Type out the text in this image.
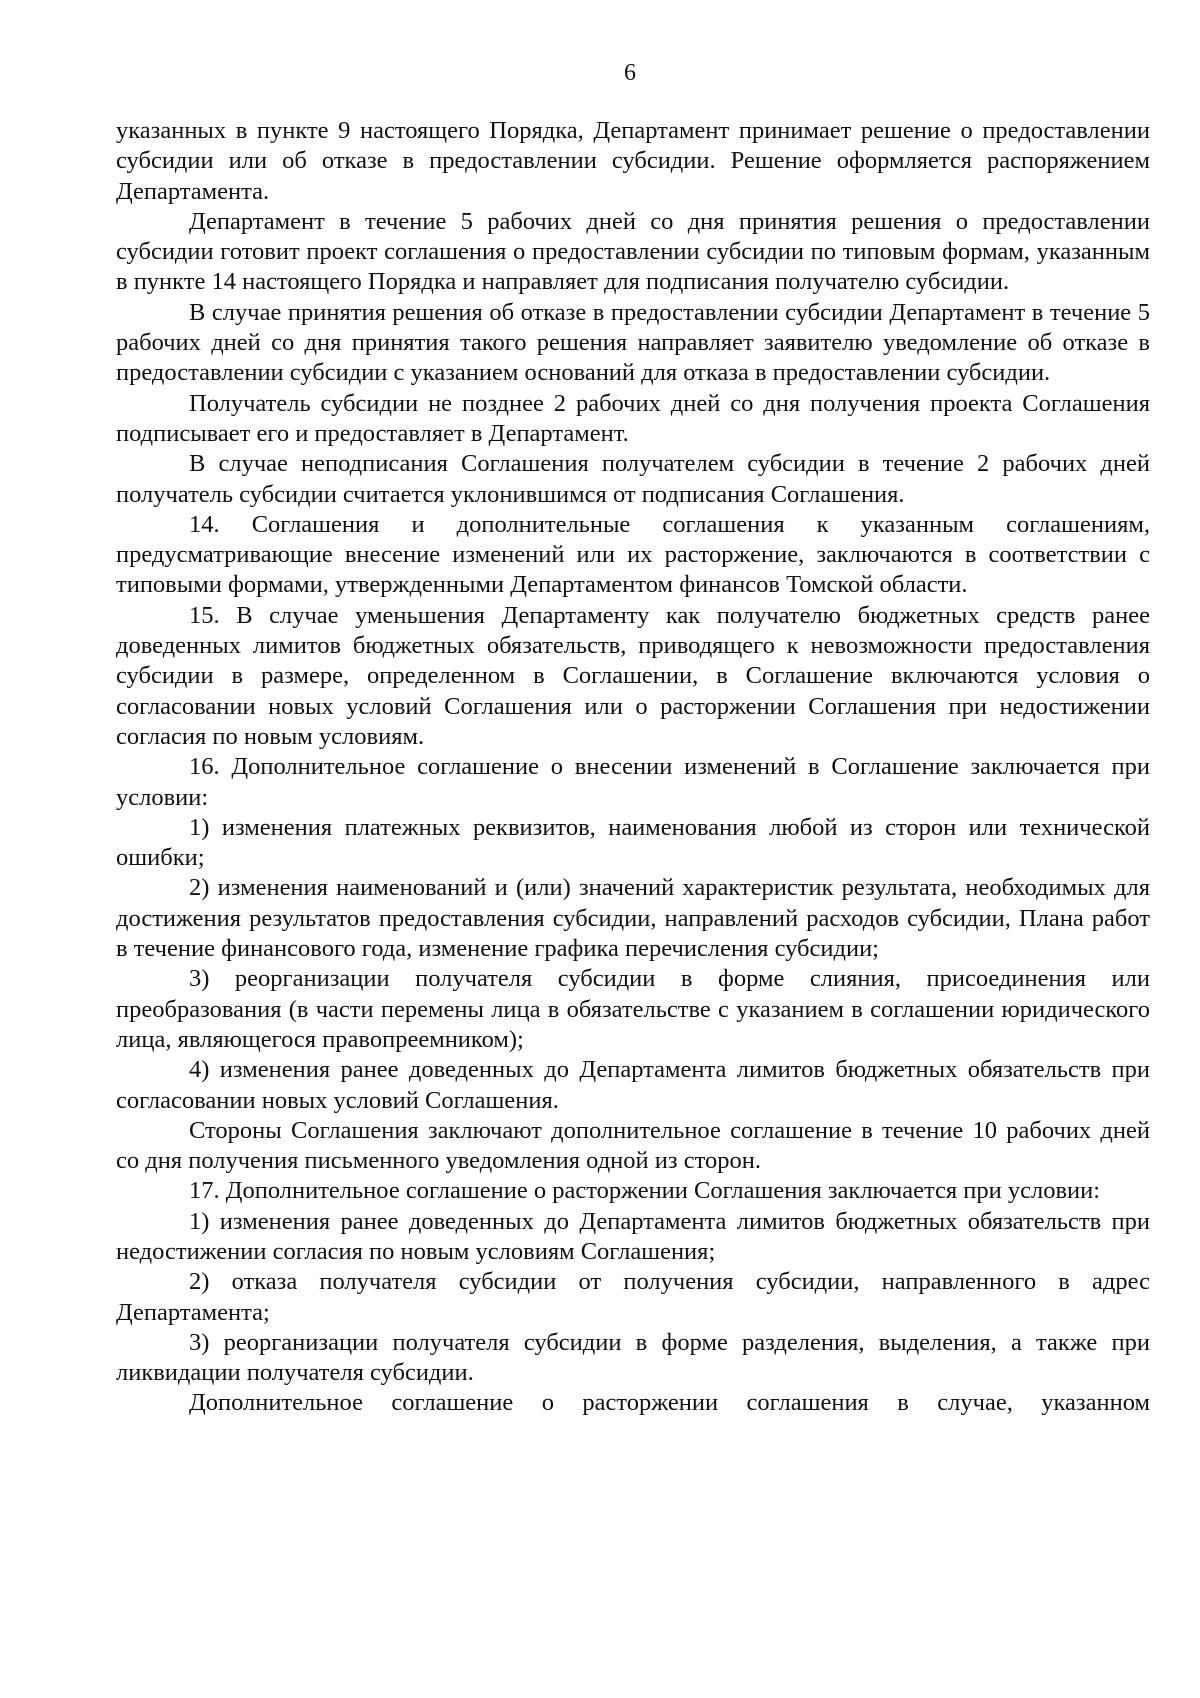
6

указанных в пункте 9 настоящего Порядка, Департамент принимает решение о предоставлении субсидии или об отказе в предоставлении субсидии. Решение оформляется распоряжением Департамента.

Департамент в течение 5 рабочих дней со дня принятия решения о предоставлении субсидии готовит проект соглашения о предоставлении субсидии по типовым формам, указанным в пункте 14 настоящего Порядка и направляет для подписания получателю субсидии.

В случае принятия решения об отказе в предоставлении субсидии Департамент в течение 5 рабочих дней со дня принятия такого решения направляет заявителю уведомление об отказе в предоставлении субсидии с указанием оснований для отказа в предоставлении субсидии.

Получатель субсидии не позднее 2 рабочих дней со дня получения проекта Соглашения подписывает его и предоставляет в Департамент.

В случае неподписания Соглашения получателем субсидии в течение 2 рабочих дней получатель субсидии считается уклонившимся от подписания Соглашения.

14. Соглашения и дополнительные соглашения к указанным соглашениям, предусматривающие внесение изменений или их расторжение, заключаются в соответствии с типовыми формами, утвержденными Департаментом финансов Томской области.

15. В случае уменьшения Департаменту как получателю бюджетных средств ранее доведенных лимитов бюджетных обязательств, приводящего к невозможности предоставления субсидии в размере, определенном в Соглашении, в Соглашение включаются условия о согласовании новых условий Соглашения или о расторжении Соглашения при недостижении согласия по новым условиям.

16. Дополнительное соглашение о внесении изменений в Соглашение заключается при условии:

1) изменения платежных реквизитов, наименования любой из сторон или технической ошибки;

2) изменения наименований и (или) значений характеристик результата, необходимых для достижения результатов предоставления субсидии, направлений расходов субсидии, Плана работ в течение финансового года, изменение графика перечисления субсидии;

3) реорганизации получателя субсидии в форме слияния, присоединения или преобразования (в части перемены лица в обязательстве с указанием в соглашении юридического лица, являющегося правопреемником);

4) изменения ранее доведенных до Департамента лимитов бюджетных обязательств при согласовании новых условий Соглашения.

Стороны Соглашения заключают дополнительное соглашение в течение 10 рабочих дней со дня получения письменного уведомления одной из сторон.

17. Дополнительное соглашение о расторжении Соглашения заключается при условии:

1) изменения ранее доведенных до Департамента лимитов бюджетных обязательств при недостижении согласия по новым условиям Соглашения;

2) отказа получателя субсидии от получения субсидии, направленного в адрес Департамента;

3) реорганизации получателя субсидии в форме разделения, выделения, а также при ликвидации получателя субсидии.

Дополнительное соглашение о расторжении соглашения в случае, указанном
